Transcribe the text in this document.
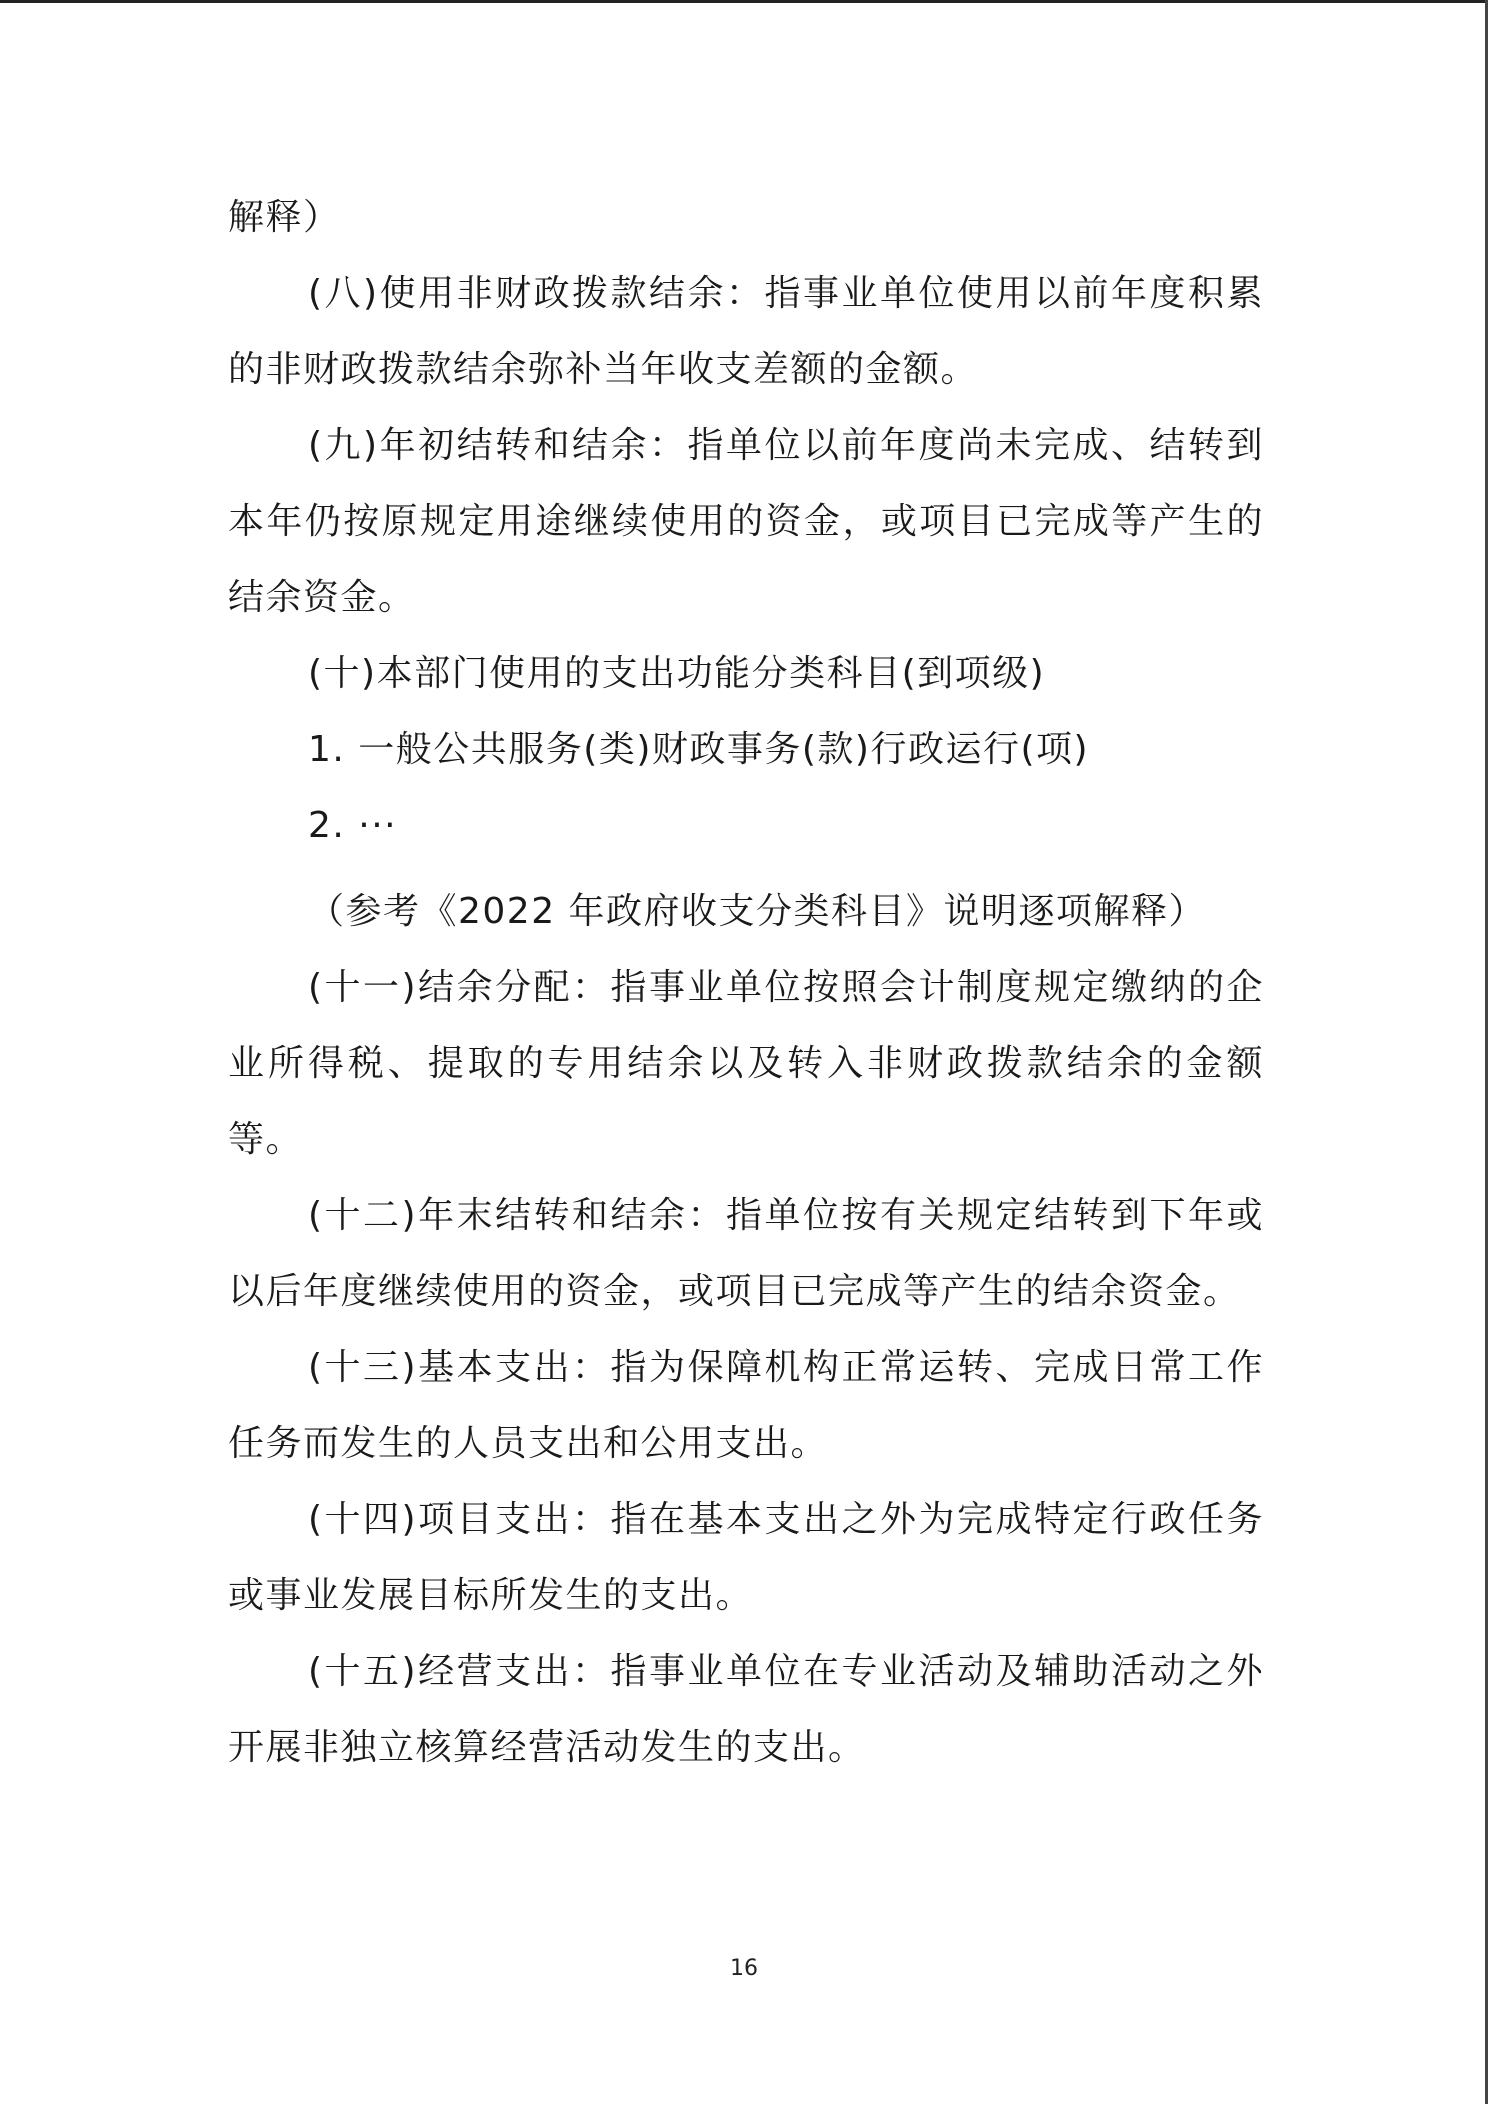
解释）

(八)使用非财政拨款结余：指事业单位使用以前年度积累的非财政拨款结余弥补当年收支差额的金额。

(九)年初结转和结余：指单位以前年度尚未完成、结转到本年仍按原规定用途继续使用的资金，或项目已完成等产生的结余资金。

(十)本部门使用的支出功能分类科目(到项级)

1. 一般公共服务(类)财政事务(款)行政运行(项)

2. ···

（参考《2022 年政府收支分类科目》说明逐项解释）

(十一)结余分配：指事业单位按照会计制度规定缴纳的企业所得税、提取的专用结余以及转入非财政拨款结余的金额等。

(十二)年末结转和结余：指单位按有关规定结转到下年或以后年度继续使用的资金，或项目已完成等产生的结余资金。

(十三)基本支出：指为保障机构正常运转、完成日常工作任务而发生的人员支出和公用支出。

(十四)项目支出：指在基本支出之外为完成特定行政任务或事业发展目标所发生的支出。

(十五)经营支出：指事业单位在专业活动及辅助活动之外开展非独立核算经营活动发生的支出。

16
